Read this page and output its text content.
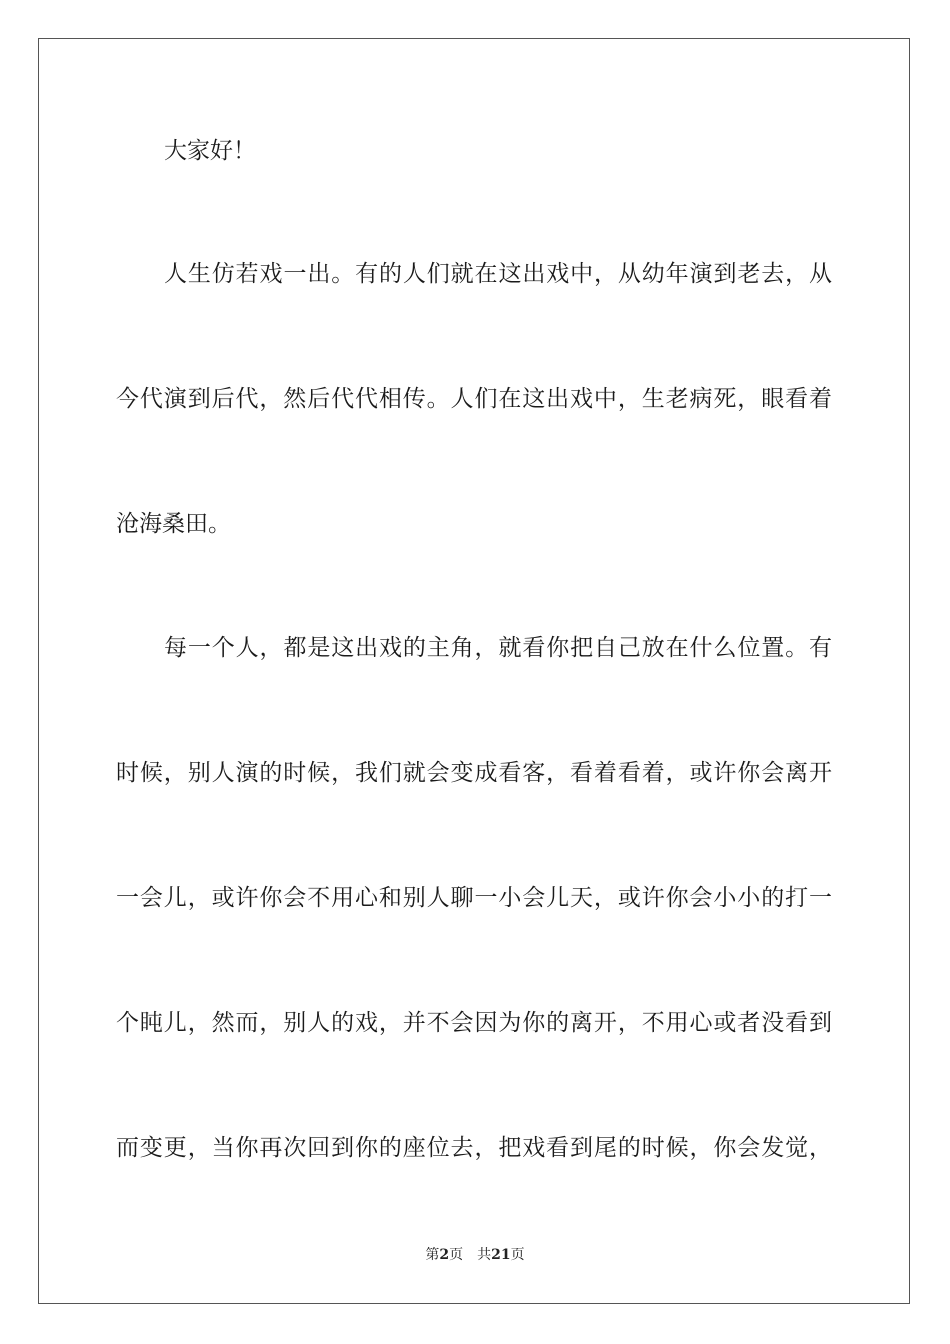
大家好！
人生仿若戏一出。有的人们就在这出戏中，从幼年演到老去，从
今代演到后代，然后代代相传。人们在这出戏中，生老病死，眼看着
沧海桑田。
每一个人，都是这出戏的主角，就看你把自己放在什么位置。有
时候，别人演的时候，我们就会变成看客，看着看着，或许你会离开
一会儿，或许你会不用心和别人聊一小会儿天，或许你会小小的打一
个盹儿，然而，别人的戏，并不会因为你的离开，不用心或者没看到
而变更，当你再次回到你的座位去，把戏看到尾的时候，你会发觉，
第2页 共21页
